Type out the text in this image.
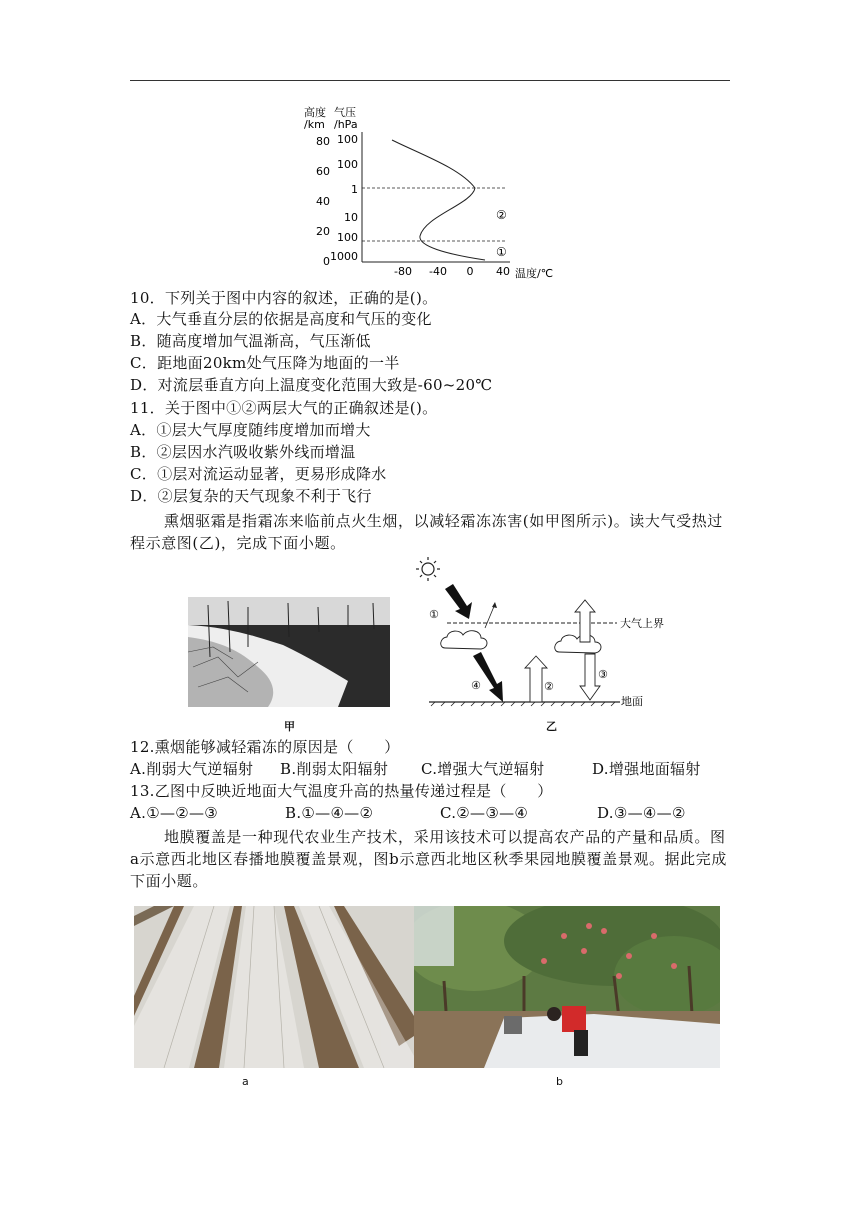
高度
/km
气压
/hPa
80
60
40
20
0
100
1
10
100
1000
100
②
①
-80 -40 0 40 温度/℃
10．下列关于图中内容的叙述，正确的是()。
A．大气垂直分层的依据是高度和气压的变化
B．随高度增加气温渐高，气压渐低
C．距地面20km处气压降为地面的一半
D．对流层垂直方向上温度变化范围大致是-60~20℃
11．关于图中①②两层大气的正确叙述是()。
A．①层大气厚度随纬度增加而增大
B．②层因水汽吸收紫外线而增温
C．①层对流运动显著，更易形成降水
D．②层复杂的天气现象不利于飞行
熏烟驱霜是指霜冻来临前点火生烟，以减轻霜冻冻害(如甲图所示)。读大气受热过程示意图(乙)，完成下面小题。
甲
大气上界
地面
①
④	②
③
乙
12.熏烟能够减轻霜冻的原因是（　　）
A.削弱大气逆辐射 B.削弱太阳辐射 C.增强大气逆辐射	D.增强地面辐射
13.乙图中反映近地面大气温度升高的热量传递过程是（　　）
A.①—②—③	B.①—④—②	C.②—③—④	D.③—④—②
地膜覆盖是一种现代农业生产技术，采用该技术可以提高农产品的产量和品质。图a示意西北地区春播地膜覆盖景观，图b示意西北地区秋季果园地膜覆盖景观。据此完成下面小题。
a	b
